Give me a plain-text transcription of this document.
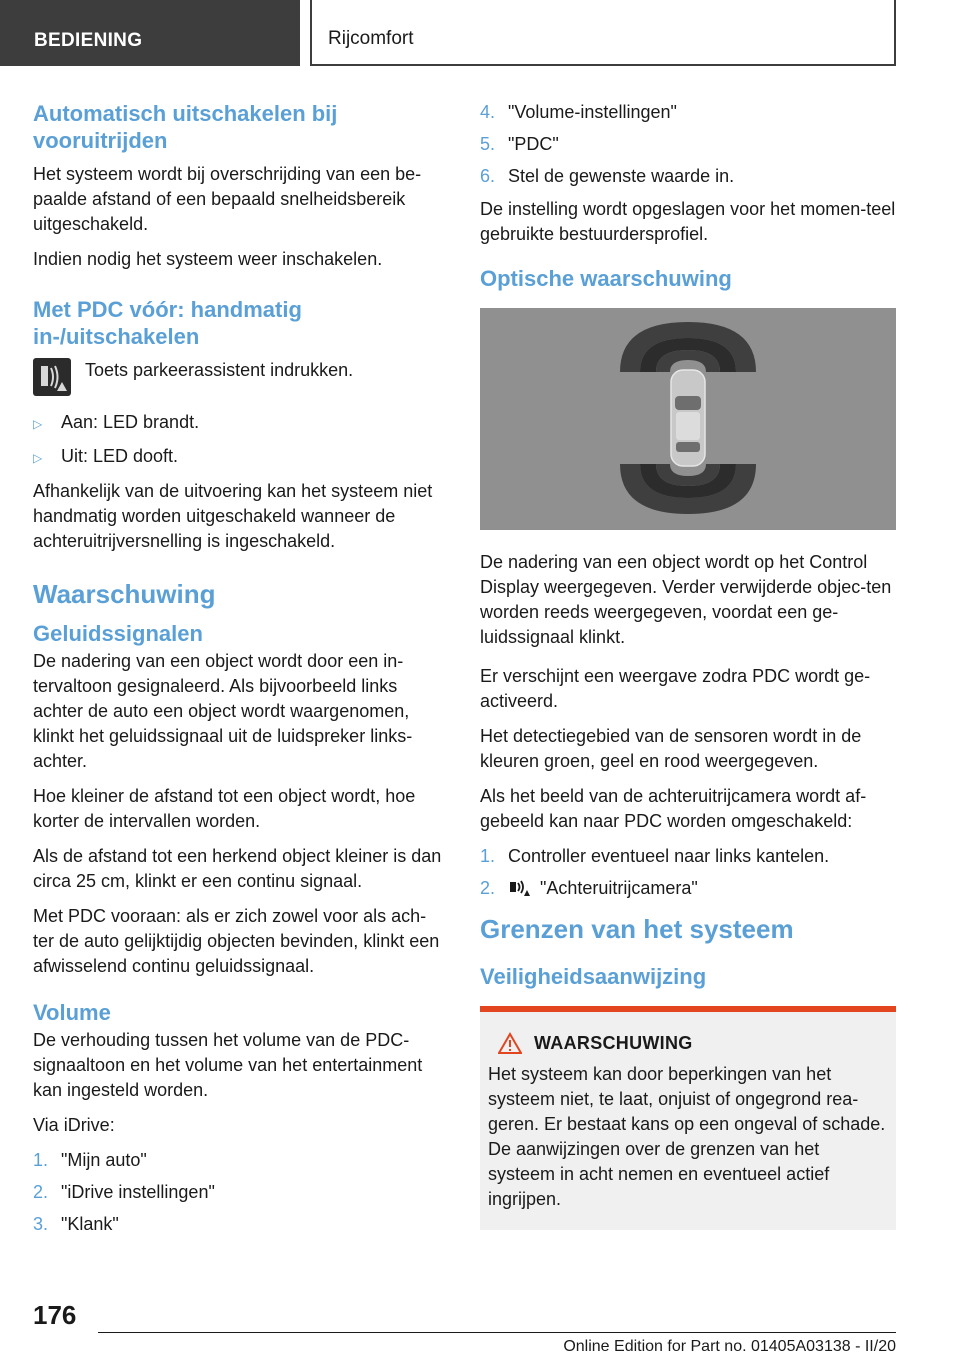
BEDIENING	Rijcomfort
Automatisch uitschakelen bij vooruitrijden

Het systeem wordt bij overschrijding van een be-paalde afstand of een bepaald snelheidsbereik uitgeschakeld.

Indien nodig het systeem weer inschakelen.

Met PDC vóór: handmatig in-/uitschakelen

Toets parkeerassistent indrukken.

▷	Aan: LED brandt.
▷	Uit: LED dooft.

Afhankelijk van de uitvoering kan het systeem niet handmatig worden uitgeschakeld wanneer de achteruitrijversnelling is ingeschakeld.

Waarschuwing
Geluidssignalen

De nadering van een object wordt door een in-tervaltoon gesignaleerd. Als bijvoorbeeld links achter de auto een object wordt waargenomen, klinkt het geluidssignaal uit de luidspreker links-achter.

Hoe kleiner de afstand tot een object wordt, hoe korter de intervallen worden.

Als de afstand tot een herkend object kleiner is dan circa 25 cm, klinkt er een continu signaal.

Met PDC vooraan: als er zich zowel voor als ach-ter de auto gelijktijdig objecten bevinden, klinkt een afwisselend continu geluidssignaal.

Volume

De verhouding tussen het volume van de PDC-signaaltoon en het volume van het entertainment kan ingesteld worden.

Via iDrive:

1. "Mijn auto"
2. "iDrive instellingen"
3. "Klank"
4. "Volume-instellingen"
5. "PDC"
6. Stel de gewenste waarde in.

De instelling wordt opgeslagen voor het momen-teel gebruikte bestuurdersprofiel.

Optische waarschuwing

De nadering van een object wordt op het Control Display weergegeven. Verder verwijderde objec-ten worden reeds weergegeven, voordat een ge-luidssignaal klinkt.

Er verschijnt een weergave zodra PDC wordt ge-activeerd.

Het detectiegebied van de sensoren wordt in de kleuren groen, geel en rood weergegeven.

Als het beeld van de achteruitrijcamera wordt af-gebeeld kan naar PDC worden omgeschakeld:

1. Controller eventueel naar links kantelen.
2.	"Achteruitrijcamera"
Grenzen van het systeem
Veiligheidsaanwijzing
WAARSCHUWING

Het systeem kan door beperkingen van het systeem niet, te laat, onjuist of ongegrond rea-geren. Er bestaat kans op een ongeval of schade. De aanwijzingen over de grenzen van het systeem in acht nemen en eventueel actief ingrijpen.

176
Online Edition for Part no. 01405A03138 - II/20
